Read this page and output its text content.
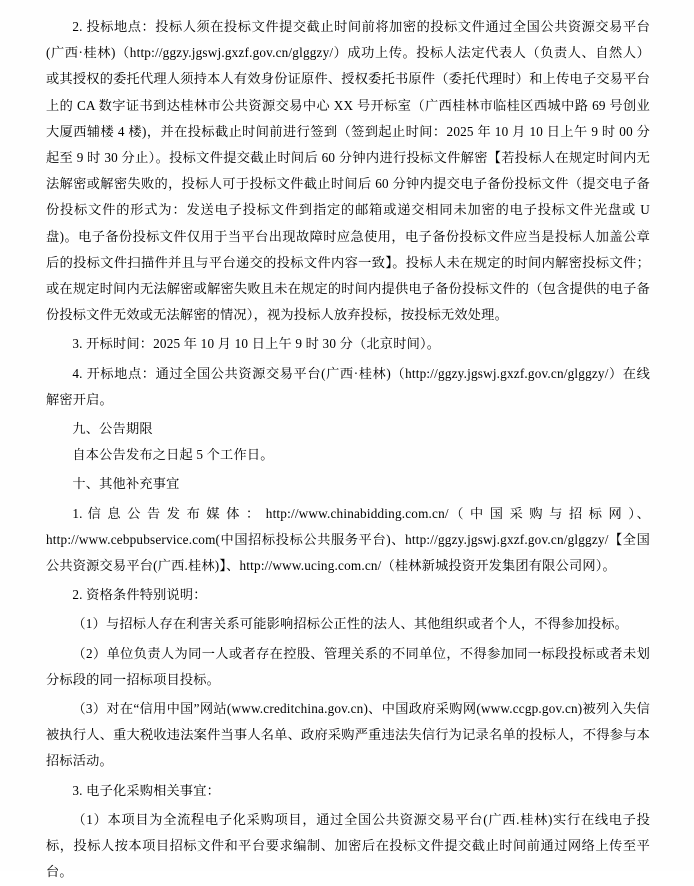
2. 投标地点：投标人须在投标文件提交截止时间前将加密的投标文件通过全国公共资源交易平台(广西·桂林)（http://ggzy.jgswj.gxzf.gov.cn/glggzy/）成功上传。投标人法定代表人（负责人、自然人）或其授权的委托代理人须持本人有效身份证原件、授权委托书原件（委托代理时）和上传电子交易平台上的 CA 数字证书到达桂林市公共资源交易中心 XX 号开标室（广西桂林市临桂区西城中路 69 号创业大厦西辅楼 4 楼)，并在投标截止时间前进行签到（签到起止时间：2025 年 10 月 10 日上午 9 时 00 分起至 9 时 30 分止）。投标文件提交截止时间后 60 分钟内进行投标文件解密【若投标人在规定时间内无法解密或解密失败的，投标人可于投标文件截止时间后 60 分钟内提交电子备份投标文件（提交电子备份投标文件的形式为：发送电子投标文件到指定的邮箱或递交相同未加密的电子投标文件光盘或 U 盘)。电子备份投标文件仅用于当平台出现故障时应急使用，电子备份投标文件应当是投标人加盖公章后的投标文件扫描件并且与平台递交的投标文件内容一致】。投标人未在规定的时间内解密投标文件；或在规定时间内无法解密或解密失败且未在规定的时间内提供电子备份投标文件的（包含提供的电子备份投标文件无效或无法解密的情况），视为投标人放弃投标，按投标无效处理。
3. 开标时间：2025 年 10 月 10 日上午 9 时 30 分（北京时间）。
4. 开标地点：通过全国公共资源交易平台(广西·桂林)（http://ggzy.jgswj.gxzf.gov.cn/glggzy/）在线解密开启。
九、公告期限
自本公告发布之日起 5 个工作日。
十、其他补充事宜
1. 信 息 公 告 发 布 媒 体 ： http://www.chinabidding.com.cn/（ 中 国 采 购 与 招 标 网 ）、http://www.cebpubservice.com(中国招标投标公共服务平台)、http://ggzy.jgswj.gxzf.gov.cn/glggzy/【全国公共资源交易平台(广西.桂林)】、http://www.ucing.com.cn/（桂林新城投资开发集团有限公司网）。
2. 资格条件特别说明：
（1）与招标人存在利害关系可能影响招标公正性的法人、其他组织或者个人，不得参加投标。
（2）单位负责人为同一人或者存在控股、管理关系的不同单位，不得参加同一标段投标或者未划分标段的同一招标项目投标。
（3）对在“信用中国”网站(www.creditchina.gov.cn)、中国政府采购网(www.ccgp.gov.cn)被列入失信被执行人、重大税收违法案件当事人名单、政府采购严重违法失信行为记录名单的投标人，不得参与本招标活动。
3. 电子化采购相关事宜：
（1）本项目为全流程电子化采购项目，通过全国公共资源交易平台(广西.桂林)实行在线电子投标，投标人按本项目招标文件和平台要求编制、加密后在投标文件提交截止时间前通过网络上传至平台。
